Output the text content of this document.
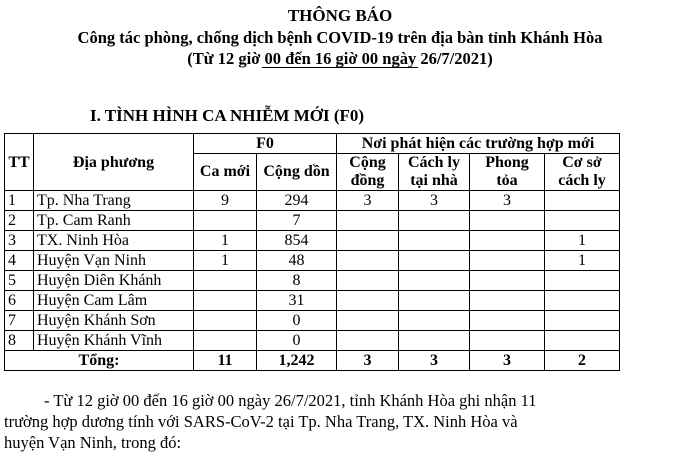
THÔNG BÁO
Công tác phòng, chống dịch bệnh COVID-19 trên địa bàn tỉnh Khánh Hòa
(Từ 12 giờ 00 đến 16 giờ 00 ngày 26/7/2021)
I. TÌNH HÌNH CA NHIỄM MỚI (F0)
TT	Địa phương	F0		Nơi phát hiện các trường hợp mới			
		Ca mới	Cộng dồn	Cộng đồng	Cách ly tại nhà	Phong tỏa	Cơ sở cách ly
1	Tp. Nha Trang	9	294	3	3	3	
2	Tp. Cam Ranh		7				
3	TX. Ninh Hòa	1	854				1
4	Huyện Vạn Ninh	1	48				1
5	Huyện Diên Khánh		8				
6	Huyện Cam Lâm		31				
7	Huyện Khánh Sơn		0				
8	Huyện Khánh Vĩnh		0				
Tổng:		11	1,242	3	3	3	2
- Từ 12 giờ 00 đến 16 giờ 00 ngày 26/7/2021, tỉnh Khánh Hòa ghi nhận 11
trường hợp dương tính với SARS-CoV-2 tại Tp. Nha Trang, TX. Ninh Hòa và
huyện Vạn Ninh, trong đó:
